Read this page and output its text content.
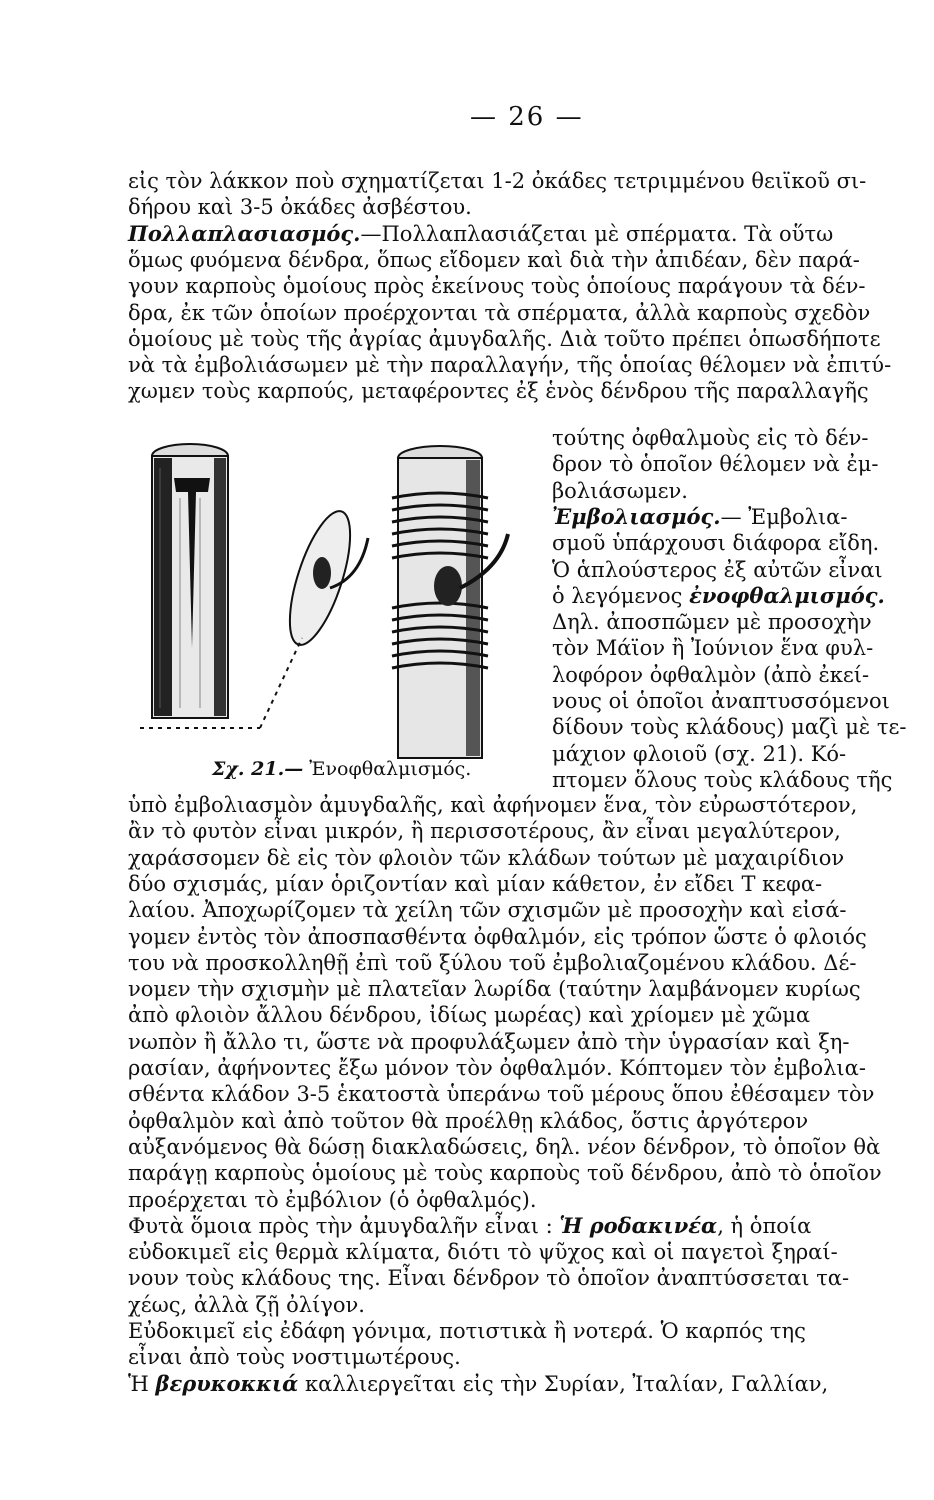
— 26 —
εἰς τὸν λάκκον ποὺ σχηματίζεται 1-2 ὀκάδες τετριμμένου θειϊκοῦ σι-
δήρου καὶ 3-5 ὀκάδες ἀσβέστου.
Πολλαπλασιασμός.—Πολλαπλασιάζεται μὲ σπέρματα. Τὰ οὕτω
ὅμως φυόμενα δένδρα, ὅπως εἴδομεν καὶ διὰ τὴν ἀπιδέαν, δὲν παρά-
γουν καρποὺς ὁμοίους πρὸς ἐκείνους τοὺς ὁποίους παράγουν τὰ δέν-
δρα, ἐκ τῶν ὁποίων προέρχονται τὰ σπέρματα, ἀλλὰ καρποὺς σχεδὸν
ὁμοίους μὲ τοὺς τῆς ἀγρίας ἀμυγδαλῆς. Διὰ τοῦτο πρέπει ὁπωσδήποτε
νὰ τὰ ἐμβολιάσωμεν μὲ τὴν παραλλαγήν, τῆς ὁποίας θέλομεν νὰ ἐπιτύ-
χωμεν τοὺς καρπούς, μεταφέροντες ἐξ ἑνὸς δένδρου τῆς παραλλαγῆς
τούτης ὀφθαλμοὺς εἰς τὸ δέν-
δρον τὸ ὁποῖον θέλομεν νὰ ἐμ-
βολιάσωμεν.
Ἐμβολιασμός.— Ἐμβολια-
σμοῦ ὑπάρχουσι διάφορα εἴδη.
Ὁ ἁπλούστερος ἐξ αὐτῶν εἶναι
ὁ λεγόμενος ἐνοφθαλμισμός.
Δηλ. ἀποσπῶμεν μὲ προσοχὴν
τὸν Μάϊον ἢ Ἰούνιον ἕνα φυλ-
λοφόρον ὀφθαλμὸν (ἀπὸ ἐκεί-
νους οἱ ὁποῖοι ἀναπτυσσόμενοι
δίδουν τοὺς κλάδους) μαζὶ μὲ τε-
μάχιον φλοιοῦ (σχ. 21). Κό-
πτομεν ὅλους τοὺς κλάδους τῆς
ὑπὸ ἐμβολιασμὸν ἀμυγδαλῆς, καὶ ἀφήνομεν ἕνα, τὸν εὐρωστότερον,
ἂν τὸ φυτὸν εἶναι μικρόν, ἢ περισσοτέρους, ἂν εἶναι μεγαλύτερον,
χαράσσομεν δὲ εἰς τὸν φλοιὸν τῶν κλάδων τούτων μὲ μαχαιρίδιον
δύο σχισμάς, μίαν ὁριζοντίαν καὶ μίαν κάθετον, ἐν εἴδει Τ κεφα-
λαίου. Ἀποχωρίζομεν τὰ χείλη τῶν σχισμῶν μὲ προσοχὴν καὶ εἰσά-
γομεν ἐντὸς τὸν ἀποσπασθέντα ὀφθαλμόν, εἰς τρόπον ὥστε ὁ φλοιός
του νὰ προσκολληθῇ ἐπὶ τοῦ ξύλου τοῦ ἐμβολιαζομένου κλάδου. Δέ-
νομεν τὴν σχισμὴν μὲ πλατεῖαν λωρίδα (ταύτην λαμβάνομεν κυρίως
ἀπὸ φλοιὸν ἄλλου δένδρου, ἰδίως μωρέας) καὶ χρίομεν μὲ χῶμα
νωπὸν ἢ ἄλλο τι, ὥστε νὰ προφυλάξωμεν ἀπὸ τὴν ὑγρασίαν καὶ ξη-
ρασίαν, ἀφήνοντες ἔξω μόνον τὸν ὀφθαλμόν. Κόπτομεν τὸν ἐμβολια-
σθέντα κλάδον 3-5 ἑκατοστὰ ὑπεράνω τοῦ μέρους ὅπου ἐθέσαμεν τὸν
ὀφθαλμὸν καὶ ἀπὸ τοῦτον θὰ προέλθῃ κλάδος, ὅστις ἀργότερον
αὐξανόμενος θὰ δώσῃ διακλαδώσεις, δηλ. νέον δένδρον, τὸ ὁποῖον θὰ
παράγῃ καρποὺς ὁμοίους μὲ τοὺς καρποὺς τοῦ δένδρου, ἀπὸ τὸ ὁποῖον
προέρχεται τὸ ἐμβόλιον (ὁ ὀφθαλμός).
Φυτὰ ὅμοια πρὸς τὴν ἀμυγδαλῆν εἶναι : Ἡ ροδακινέα, ἡ ὁποία
εὐδοκιμεῖ εἰς θερμὰ κλίματα, διότι τὸ ψῦχος καὶ οἱ παγετοὶ ξηραί-
νουν τοὺς κλάδους της. Εἶναι δένδρον τὸ ὁποῖον ἀναπτύσσεται τα-
χέως, ἀλλὰ ζῇ ὀλίγον.
Εὐδοκιμεῖ εἰς ἐδάφη γόνιμα, ποτιστικὰ ἢ νοτερά. Ὁ καρπός της
εἶναι ἀπὸ τοὺς νοστιμωτέρους.
Ἡ βερυκοκκιά καλλιεργεῖται εἰς τὴν Συρίαν, Ἰταλίαν, Γαλλίαν,
Σχ. 21.— Ἐνοφθαλμισμός.
